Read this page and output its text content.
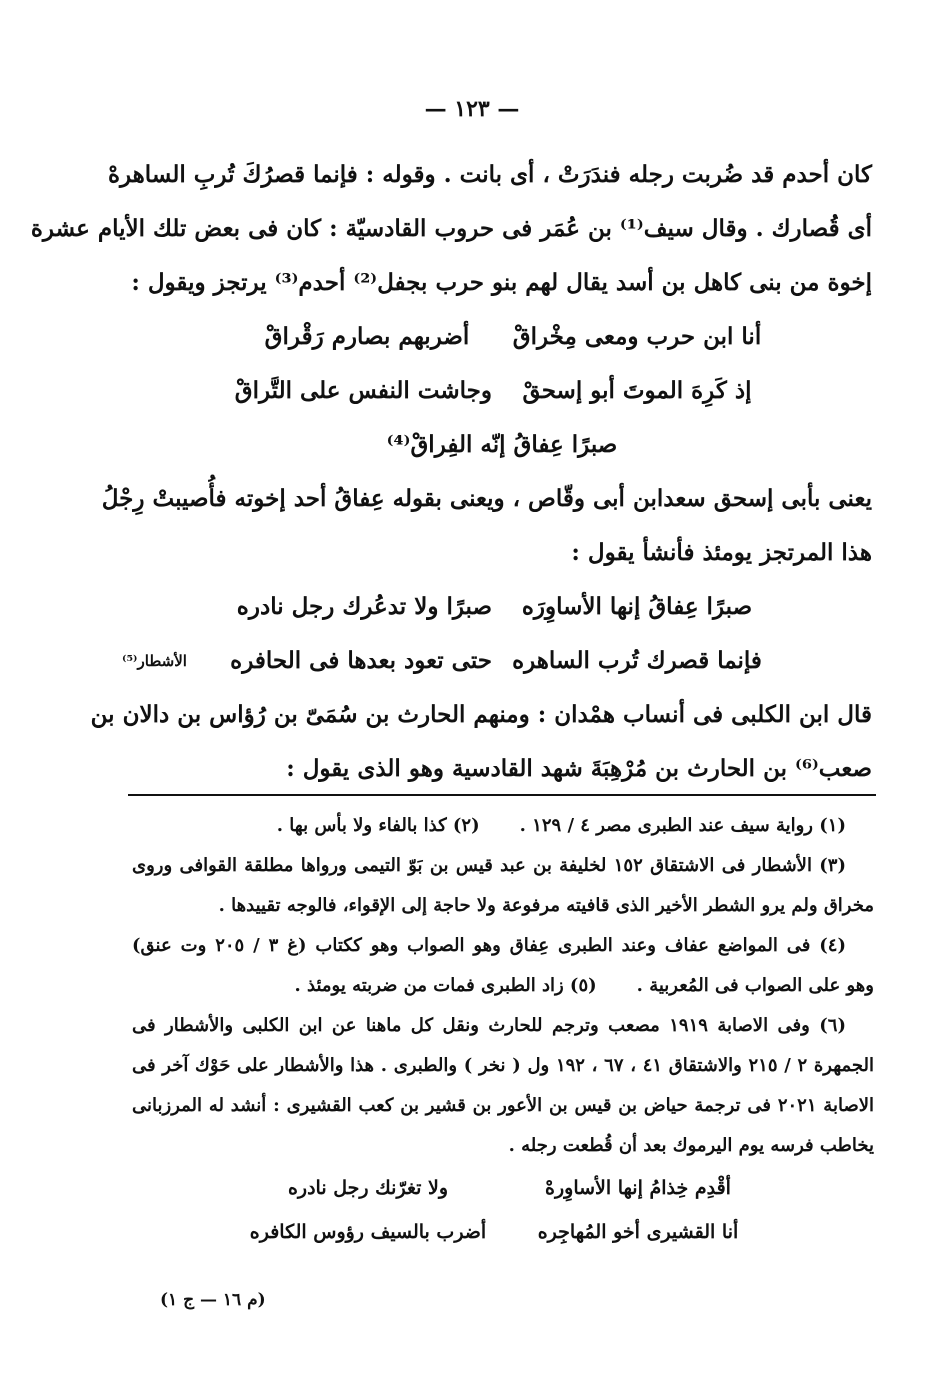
— ١٢٣ —
كان أحدم قد ضُربت رجله فندَرَتْ ، أى بانت . وقوله : فإنما قصرُكَ تُربِ الساهرهْ
أى قُصارك . وقال سيف⁽¹⁾ بن عُمَر فى حروب القادسيّة : كان فى بعض تلك الأيام عشرة
إخوة من بنى كاهل بن أسد يقال لهم بنو حرب بجفل⁽²⁾ أحدم⁽³⁾ يرتجز ويقول :
أنا ابن حرب ومعى مِخْراقْ
أضربهم بصارم رَقْراقْ
إذ كَرِهَ الموتَ أبو إسحقْ
وجاشت النفس على التَّراقْ
صبرًا عِفاقُ إنّه الفِراقْ⁽⁴⁾
يعنى بأبى إسحق سعدابن أبى وقّاص ، ويعنى بقوله عِفاقُ أحد إخوته فأُصيبتْ رِجْلُ
هذا المرتجز يومئذ فأنشأ يقول :
صبرًا عِفاقُ إنها الأساوِرَه
صبرًا ولا تدعُرك رجل نادره
فإنما قصرك تُرب الساهره
حتى تعود بعدها فى الحافره
الأشطار⁽⁵⁾
قال ابن الكلبى فى أنساب همْدان : ومنهم الحارث بن سُمَىّ بن رُؤاس بن دالان بن
صعب⁽⁶⁾ بن الحارث بن مُرْهِبَةَ شهد القادسية وهو الذى يقول :
(١) رواية سيف عند الطبرى مصر ٤ / ١٢٩ .
(٢) كذا بالفاء ولا بأس بها .
(٣) الأشطار فى الاشتقاق ١٥٢ لخليفة بن عبد قيس بن بَوّ التيمى ورواها مطلقة القوافى وروى
مخراق ولم يرو الشطر الأخير الذى قافيته مرفوعة ولا حاجة إلى الإقواء، فالوجه تقييدها .
(٤) فى المواضع عفاف وعند الطبرى عِفاق وهو الصواب وهو ككتاب (غ ٣ / ٢٠٥ وت عنق)
وهو على الصواب فى المُعربية .
(٥) زاد الطبرى فمات من ضربته يومئذ .
(٦) وفى الاصابة ١٩١٩ مصعب وترجم للحارث ونقل كل ماهنا عن ابن الكلبى والأشطار فى
الجمهرة ٢ / ٢١٥ والاشتقاق ٤١ ، ٦٧ ، ١٩٢ ول ( نخر ) والطبرى . هذا والأشطار على حَوْك آخر فى
الاصابة ٢٠٢١ فى ترجمة حياض بن قيس بن الأعور بن قشير بن كعب القشيرى : أنشد له المرزبانى
يخاطب فرسه يوم اليرموك بعد أن قُطعت رجله .
أقْدِم خِذامُ إنها الأساوِرهْ
ولا تغرّنك رجل نادره
أنا القشيرى أخو المُهاجِره
أضرب بالسيف رؤوس الكافره
(م ١٦ — ج ١)
